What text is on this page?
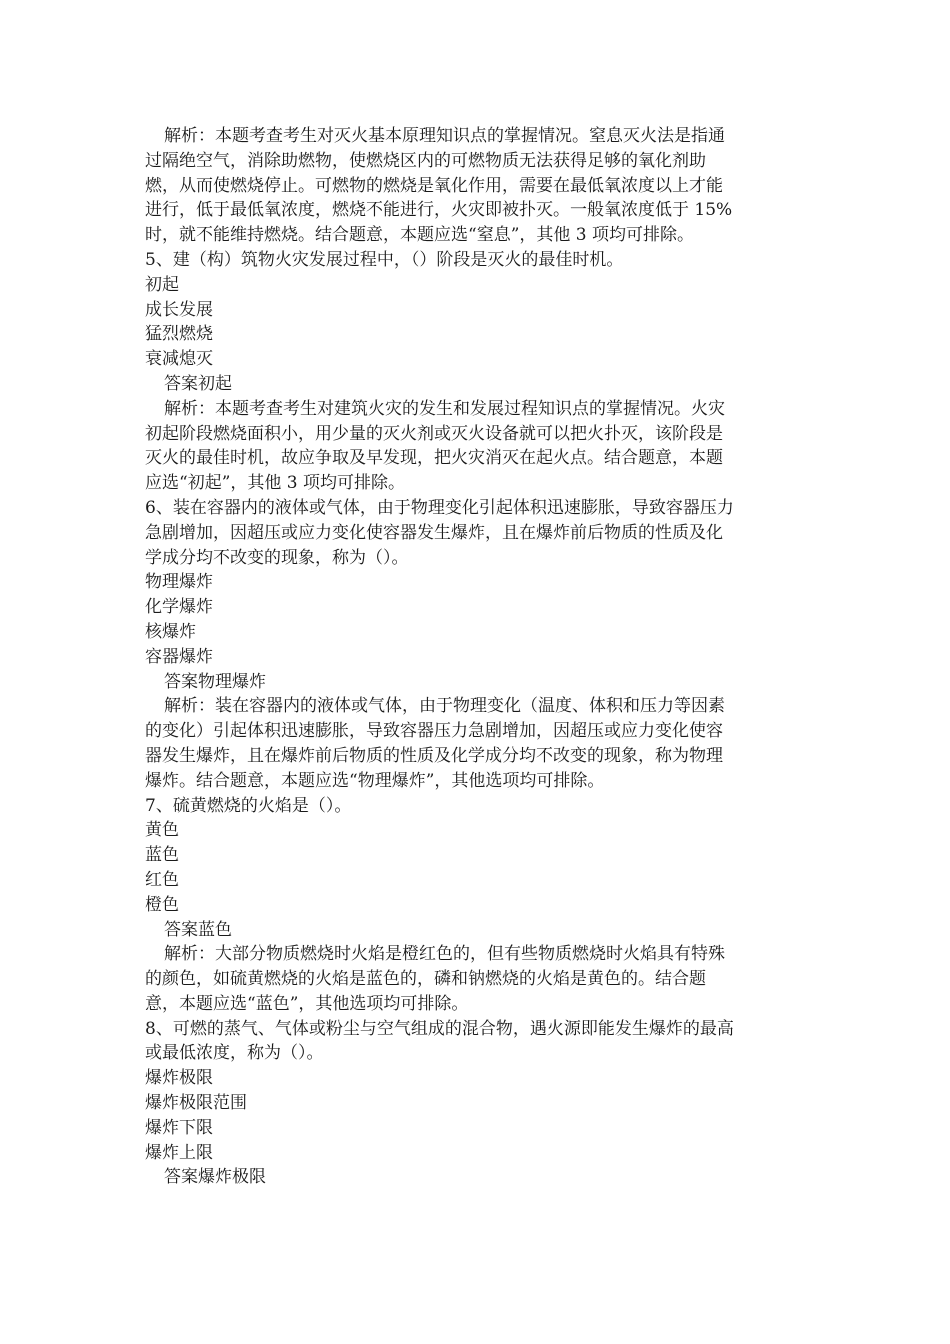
解析：本题考查考生对灭火基本原理知识点的掌握情况。窒息灭火法是指通
过隔绝空气，消除助燃物，使燃烧区内的可燃物质无法获得足够的氧化剂助
燃，从而使燃烧停止。可燃物的燃烧是氧化作用，需要在最低氧浓度以上才能
进行，低于最低氧浓度，燃烧不能进行，火灾即被扑灭。一般氧浓度低于 15%
时，就不能维持燃烧。结合题意，本题应选“窒息”，其他 3 项均可排除。
5、建（构）筑物火灾发展过程中，（）阶段是灭火的最佳时机。
初起
成长发展
猛烈燃烧
衰减熄灭
答案初起
解析：本题考查考生对建筑火灾的发生和发展过程知识点的掌握情况。火灾
初起阶段燃烧面积小，用少量的灭火剂或灭火设备就可以把火扑灭，该阶段是
灭火的最佳时机，故应争取及早发现，把火灾消灭在起火点。结合题意，本题
应选“初起”，其他 3 项均可排除。
6、装在容器内的液体或气体，由于物理变化引起体积迅速膨胀，导致容器压力
急剧增加，因超压或应力变化使容器发生爆炸，且在爆炸前后物质的性质及化
学成分均不改变的现象，称为（）。
物理爆炸
化学爆炸
核爆炸
容器爆炸
答案物理爆炸
解析：装在容器内的液体或气体，由于物理变化（温度、体积和压力等因素
的变化）引起体积迅速膨胀，导致容器压力急剧增加，因超压或应力变化使容
器发生爆炸，且在爆炸前后物质的性质及化学成分均不改变的现象，称为物理
爆炸。结合题意，本题应选“物理爆炸”，其他选项均可排除。
7、硫黄燃烧的火焰是（）。
黄色
蓝色
红色
橙色
答案蓝色
解析：大部分物质燃烧时火焰是橙红色的，但有些物质燃烧时火焰具有特殊
的颜色，如硫黄燃烧的火焰是蓝色的，磷和钠燃烧的火焰是黄色的。结合题
意，本题应选“蓝色”，其他选项均可排除。
8、可燃的蒸气、气体或粉尘与空气组成的混合物，遇火源即能发生爆炸的最高
或最低浓度，称为（）。
爆炸极限
爆炸极限范围
爆炸下限
爆炸上限
答案爆炸极限
